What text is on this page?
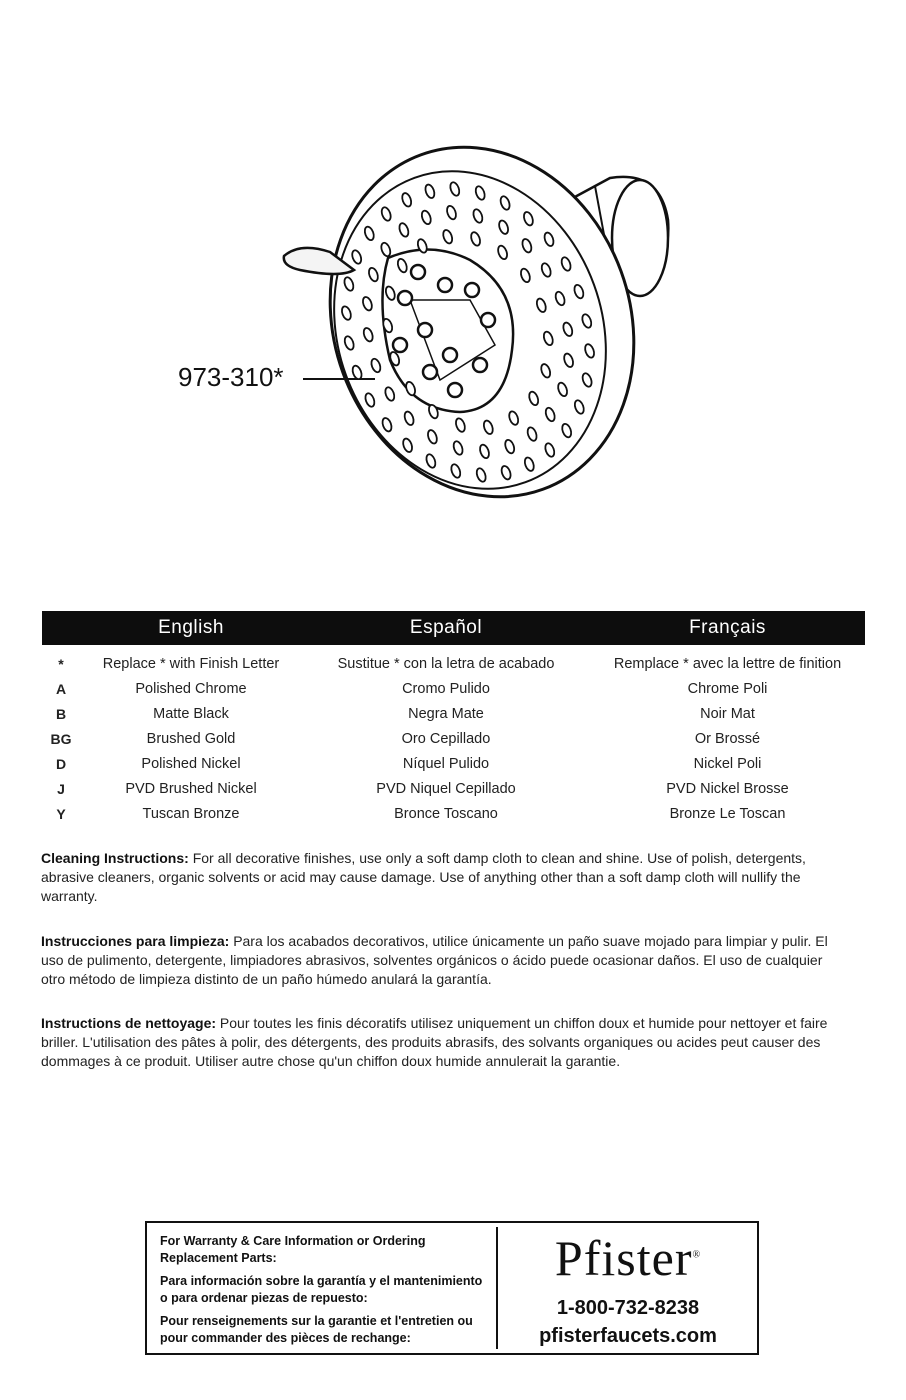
973-310*
	English	Español	Français
*	Replace * with Finish Letter	Sustitue * con la letra de acabado	Remplace * avec la lettre de finition
A	Polished Chrome	Cromo Pulido	Chrome Poli
B	Matte Black	Negra Mate	Noir Mat
BG	Brushed Gold	Oro Cepillado	Or Brossé
D	Polished Nickel	Níquel Pulido	Nickel Poli
J	PVD Brushed Nickel	PVD Niquel Cepillado	PVD Nickel Brosse
Y	Tuscan Bronze	Bronce Toscano	Bronze Le Toscan

Cleaning Instructions: For all decorative finishes, use only a soft damp cloth to clean and shine. Use of polish, detergents, abrasive cleaners, organic solvents or acid may cause damage. Use of anything other than a soft damp cloth will nullify the warranty.

Instrucciones para limpieza: Para los acabados decorativos, utilice únicamente un paño suave mojado para limpiar y pulir. El uso de pulimento, detergente, limpiadores abrasivos, solventes orgánicos o ácido puede ocasionar daños. El uso de cualquier otro método de limpieza distinto de un paño húmedo anulará la garantía.

Instructions de nettoyage: Pour toutes les finis décoratifs utilisez uniquement un chiffon doux et humide pour nettoyer et faire briller. L'utilisation des pâtes à polir, des détergents, des produits abrasifs, des solvants organiques ou acides peut causer des dommages à ce produit. Utiliser autre chose qu'un chiffon doux humide annulerait la garantie.

For Warranty & Care Information or Ordering Replacement Parts:

Para información sobre la garantía y el mantenimiento o para ordenar piezas de repuesto:

Pour renseignements sur la garantie et l'entretien ou pour commander des pièces de rechange:

Pfister®
1-800-732-8238
pfisterfaucets.com
